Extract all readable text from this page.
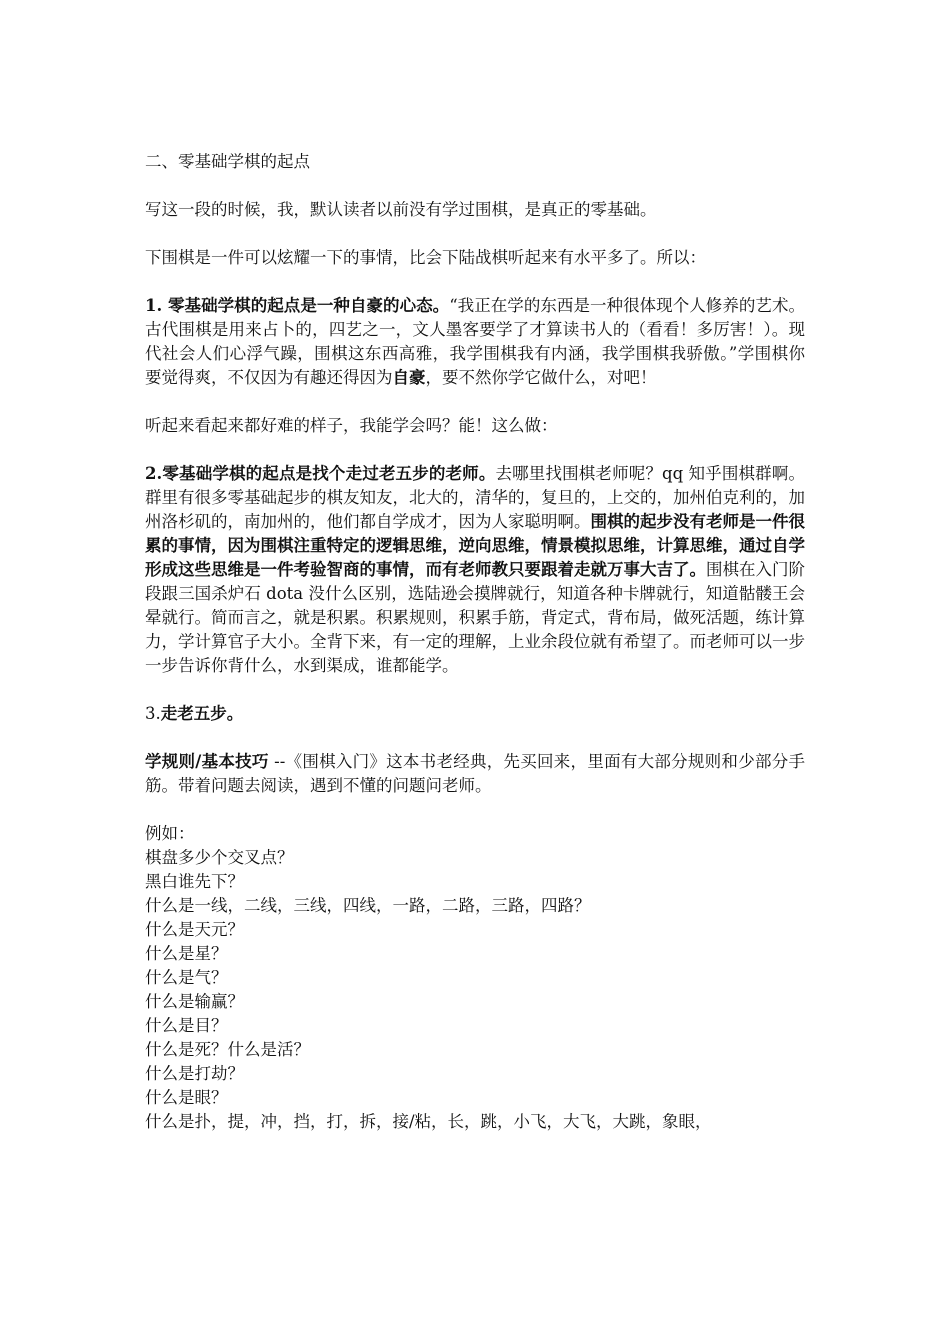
二、零基础学棋的起点

写这一段的时候，我，默认读者以前没有学过围棋，是真正的零基础。

下围棋是一件可以炫耀一下的事情，比会下陆战棋听起来有水平多了。所以：

1. 零基础学棋的起点是一种自豪的心态。“我正在学的东西是一种很体现个人修养的艺术。古代围棋是用来占卜的，四艺之一，文人墨客要学了才算读书人的（看看！多厉害！）。现代社会人们心浮气躁，围棋这东西高雅，我学围棋我有内涵，我学围棋我骄傲。”学围棋你要觉得爽，不仅因为有趣还得因为自豪，要不然你学它做什么，对吧！

听起来看起来都好难的样子，我能学会吗？能！这么做：

2.零基础学棋的起点是找个走过老五步的老师。去哪里找围棋老师呢？qq 知乎围棋群啊。群里有很多零基础起步的棋友知友，北大的，清华的，复旦的，上交的，加州伯克利的，加州洛杉矶的，南加州的，他们都自学成才，因为人家聪明啊。围棋的起步没有老师是一件很累的事情，因为围棋注重特定的逻辑思维，逆向思维，情景模拟思维，计算思维，通过自学形成这些思维是一件考验智商的事情，而有老师教只要跟着走就万事大吉了。围棋在入门阶段跟三国杀炉石 dota 没什么区别，选陆逊会摸牌就行，知道各种卡牌就行，知道骷髅王会晕就行。简而言之，就是积累。积累规则，积累手筋，背定式，背布局，做死活题，练计算力，学计算官子大小。全背下来，有一定的理解，上业余段位就有希望了。而老师可以一步一步告诉你背什么，水到渠成，谁都能学。

3.走老五步。

学规则/基本技巧 --《围棋入门》这本书老经典，先买回来，里面有大部分规则和少部分手筋。带着问题去阅读，遇到不懂的问题问老师。

例如：
棋盘多少个交叉点？
黑白谁先下？
什么是一线，二线，三线，四线，一路，二路，三路，四路？
什么是天元？
什么是星？
什么是气？
什么是输赢？
什么是目？
什么是死？什么是活？
什么是打劫？
什么是眼？
什么是扑，提，冲，挡，打，拆，接/粘，长，跳，小飞，大飞，大跳，象眼，
